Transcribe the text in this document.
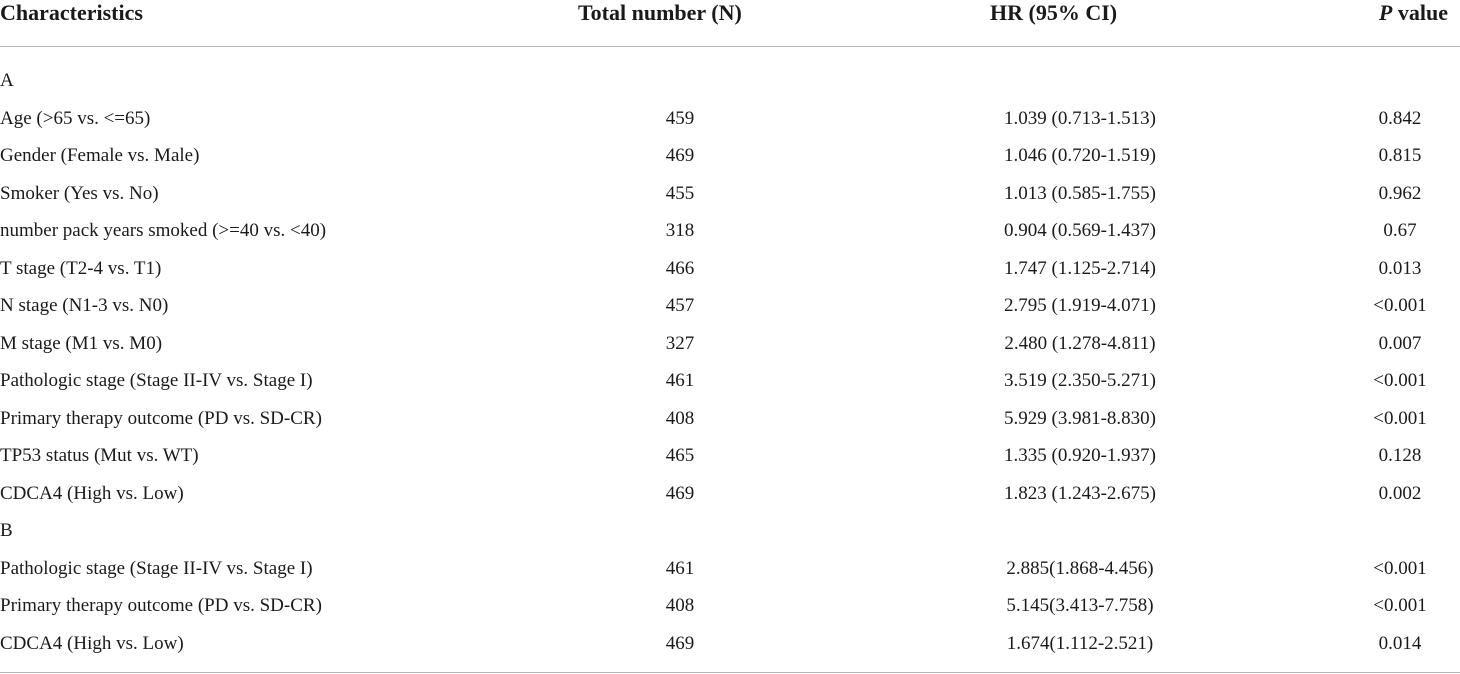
Characteristics	Total number (N)	HR (95% CI)	P value
A
Age (>65 vs. <=65)	459	1.039 (0.713-1.513)	0.842
Gender (Female vs. Male)	469	1.046 (0.720-1.519)	0.815
Smoker (Yes vs. No)	455	1.013 (0.585-1.755)	0.962
number pack years smoked (>=40 vs. <40)	318	0.904 (0.569-1.437)	0.67
T stage (T2-4 vs. T1)	466	1.747 (1.125-2.714)	0.013
N stage (N1-3 vs. N0)	457	2.795 (1.919-4.071)	<0.001
M stage (M1 vs. M0)	327	2.480 (1.278-4.811)	0.007
Pathologic stage (Stage II-IV vs. Stage I)	461	3.519 (2.350-5.271)	<0.001
Primary therapy outcome (PD vs. SD-CR)	408	5.929 (3.981-8.830)	<0.001
TP53 status (Mut vs. WT)	465	1.335 (0.920-1.937)	0.128
CDCA4 (High vs. Low)	469	1.823 (1.243-2.675)	0.002
B
Pathologic stage (Stage II-IV vs. Stage I)	461	2.885(1.868-4.456)	<0.001
Primary therapy outcome (PD vs. SD-CR)	408	5.145(3.413-7.758)	<0.001
CDCA4 (High vs. Low)	469	1.674(1.112-2.521)	0.014
